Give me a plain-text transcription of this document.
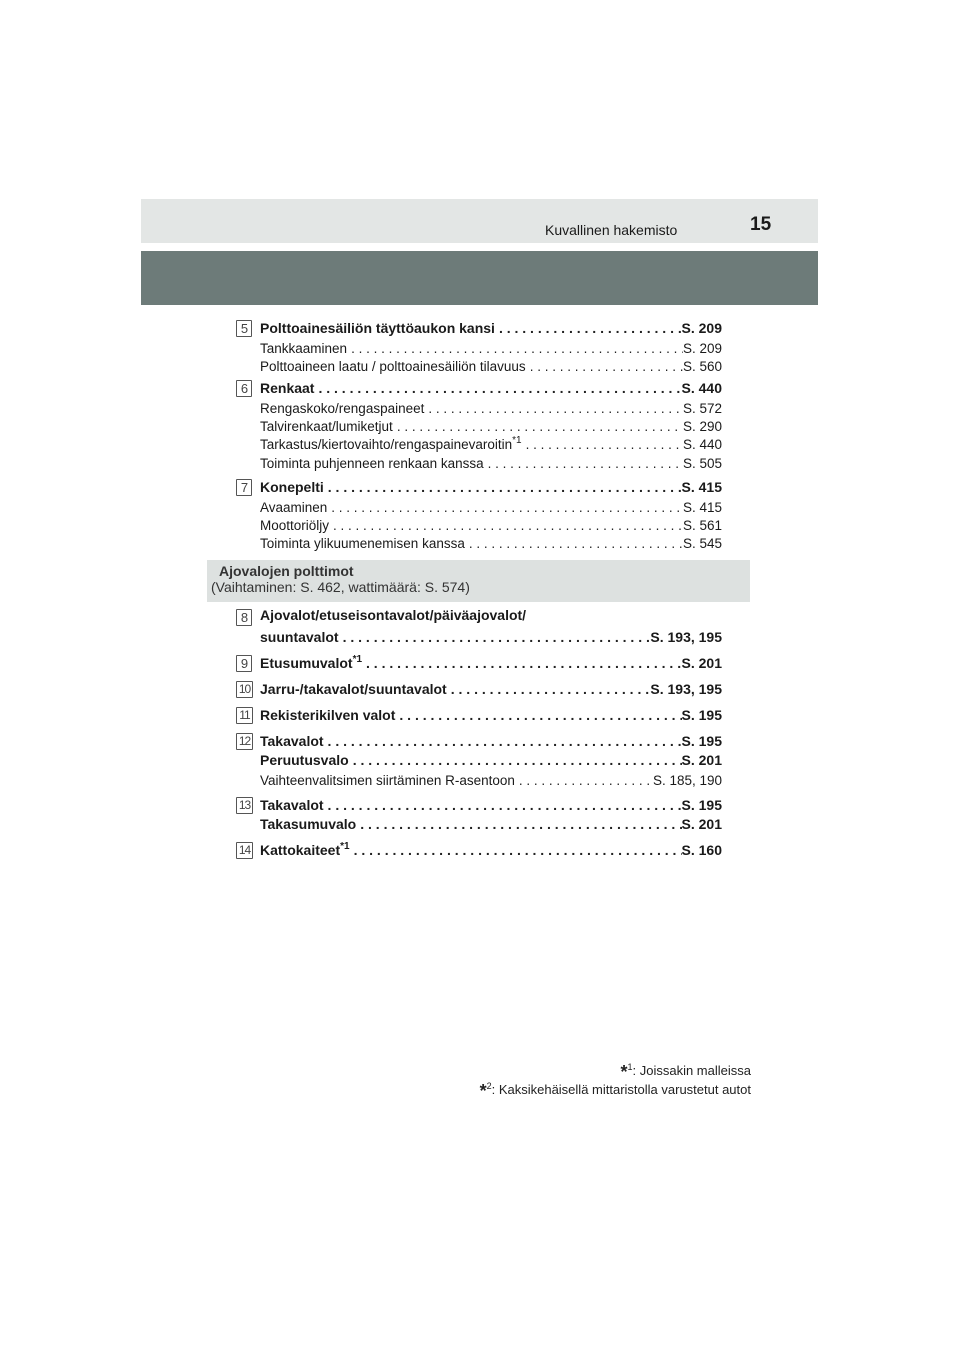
Kuvallinen hakemisto	15
5 Polttoainesäiliön täyttöaukon kansi . . .	S. 209
Tankkaaminen . . .	S. 209
Polttoaineen laatu / polttoainesäiliön tilavuus . . .	S. 560
6 Renkaat . . .	S. 440
Rengaskoko/rengaspaineet . . .	S. 572
Talvirenkaat/lumiketjut . . .	S. 290
Tarkastus/kiertovaihto/rengaspainevaroitin$^{*1}$ . . .	S. 440
Toiminta puhjenneen renkaan kanssa . . .	S. 505
7 Konepelti . . .	S. 415
Avaaminen . . .	S. 415
Moottoriöljy . . .	S. 561
Toiminta ylikuumenemisen kanssa . . .	S. 545
Ajovalojen polttimot
(Vaihtaminen: S. 462, wattimäärä: S. 574)
8 Ajovalot/etuseisontavalot/päiväajovalot/
suuntavalot . . .	S. 193, 195
9 Etusumuvalot$^{*1}$ . . .	S. 201
10 Jarru-/takavalot/suuntavalot . . .	S. 193, 195
11 Rekisterikilven valot . . .	S. 195
12 Takavalot . . .	S. 195
Peruutusvalo . . .	S. 201
Vaihteenvalitsimen siirtäminen R-asentoon . . .	S. 185, 190
13 Takavalot . . .	S. 195
Takasumuvalo . . .	S. 201
14 Kattokaiteet$^{*1}$ . . .	S. 160
*$^1$: Joissakin malleissa
*$^2$: Kaksikehäisellä mittaristolla varustetut autot
